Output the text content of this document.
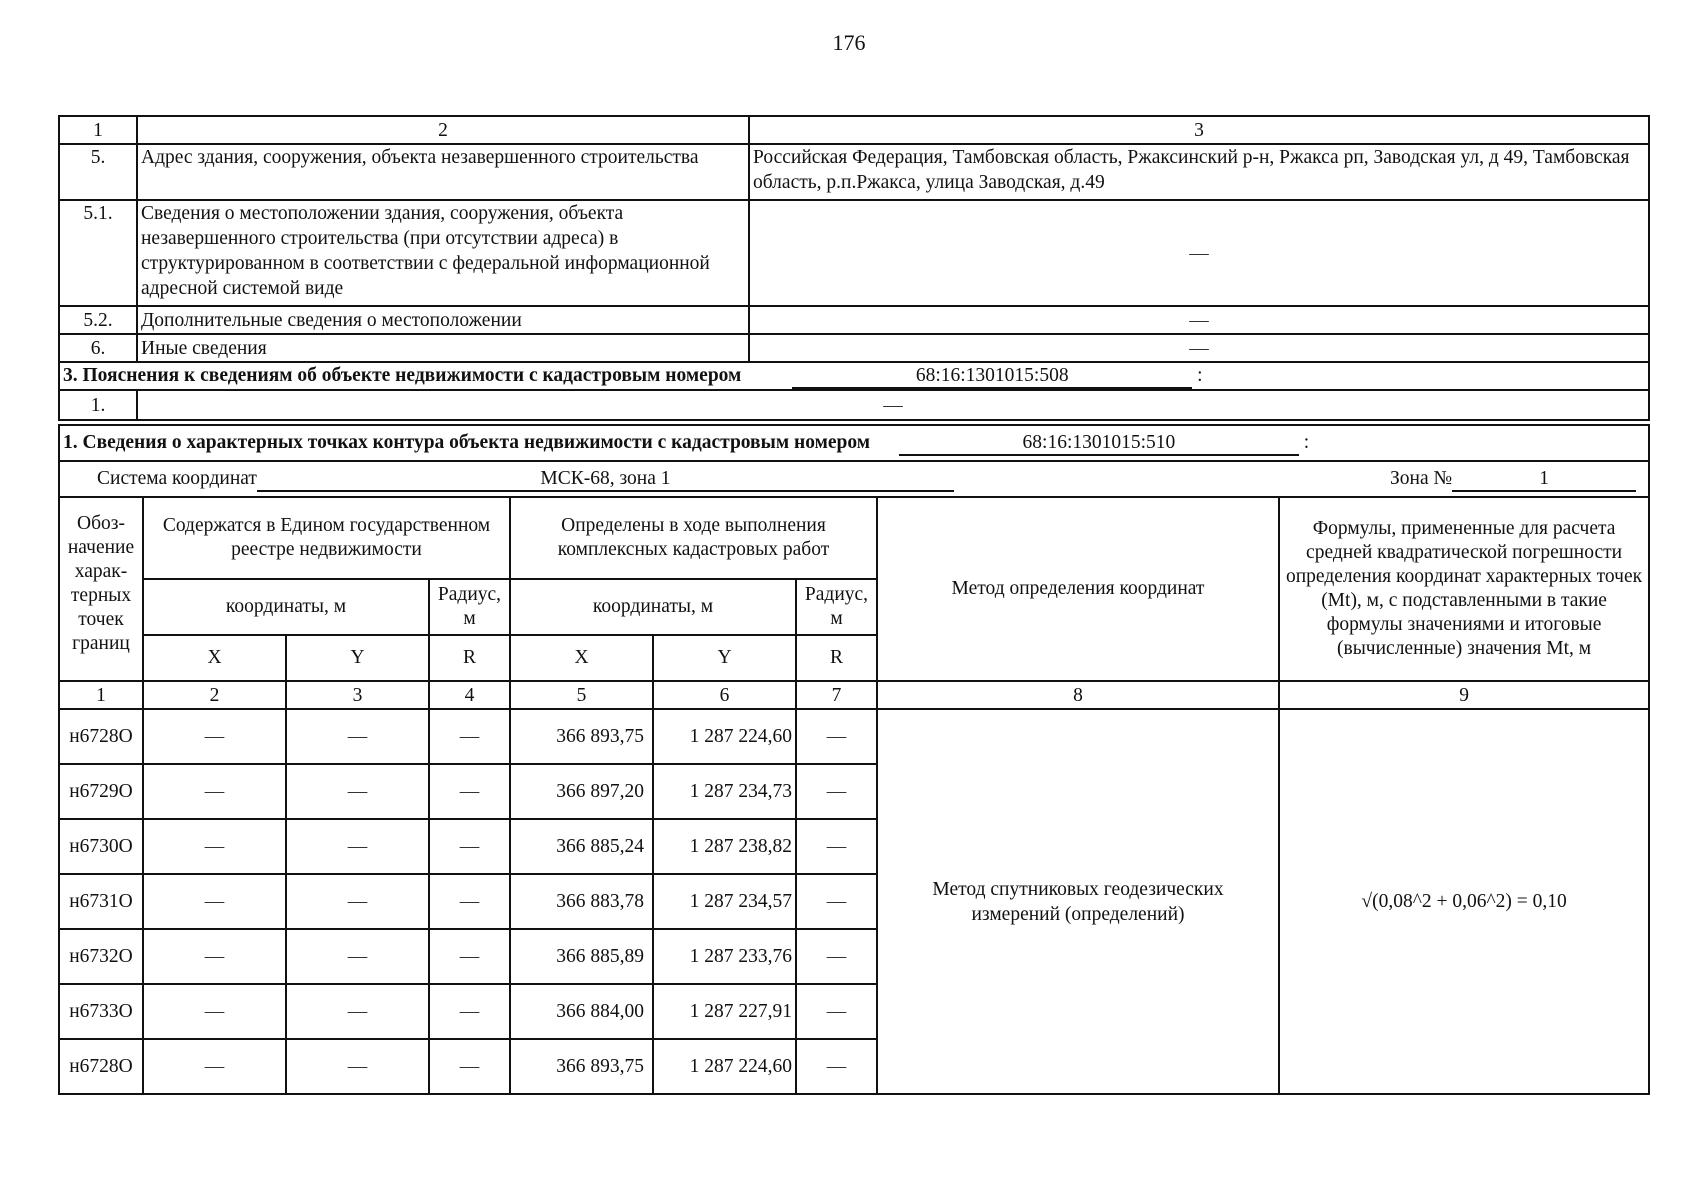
176
1	2	3
5.	Адрес здания, сооружения, объекта незавершенного строительства	Российская Федерация, Тамбовская область, Ржаксинский р-н, Ржакса рп, Заводская ул, д 49, Тамбовская область, р.п.Ржакса, улица Заводская, д.49
5.1.	Сведения о местоположении здания, сооружения, объекта незавершенного строительства (при отсутствии адреса) в структурированном в соответствии с федеральной информационной адресной системой виде	—
5.2.	Дополнительные сведения о местоположении	—
6.	Иные сведения	—
3. Пояснения к сведениям об объекте недвижимости с кадастровым номером 68:16:1301015:508 :		
1.	—	
1. Сведения о характерных точках контура объекта недвижимости с кадастровым номером 68:16:1301015:510 :								
Система координат МСК-68, зона 1 Зона № 1								

Обоз-начение харак-терных точек границ	Содержатся в Едином государственном реестре недвижимости			Определены в ходе выполнения комплексных кадастровых работ			Метод определения координат	Формулы, примененные для расчета средней квадратической погрешности определения координат характерных точек (Mt), м, с подставленными в такие формулы значениями и итоговые (вычисленные) значения Mt, м
	координаты, м		Радиус, м	координаты, м		Радиус, м		
	X	Y	R	X	Y	R		
1	2	3	4	5	6	7	8	9
н6728О	—	—	—	366 893,75	1 287 224,60	—	Метод спутниковых геодезических измерений (определений)	√(0,08^2 + 0,06^2) = 0,10
н6729О	—	—	—	366 897,20	1 287 234,73	—		
н6730О	—	—	—	366 885,24	1 287 238,82	—		
н6731О	—	—	—	366 883,78	1 287 234,57	—		
н6732О	—	—	—	366 885,89	1 287 233,76	—		
н6733О	—	—	—	366 884,00	1 287 227,91	—		
н6728О	—	—	—	366 893,75	1 287 224,60	—		
